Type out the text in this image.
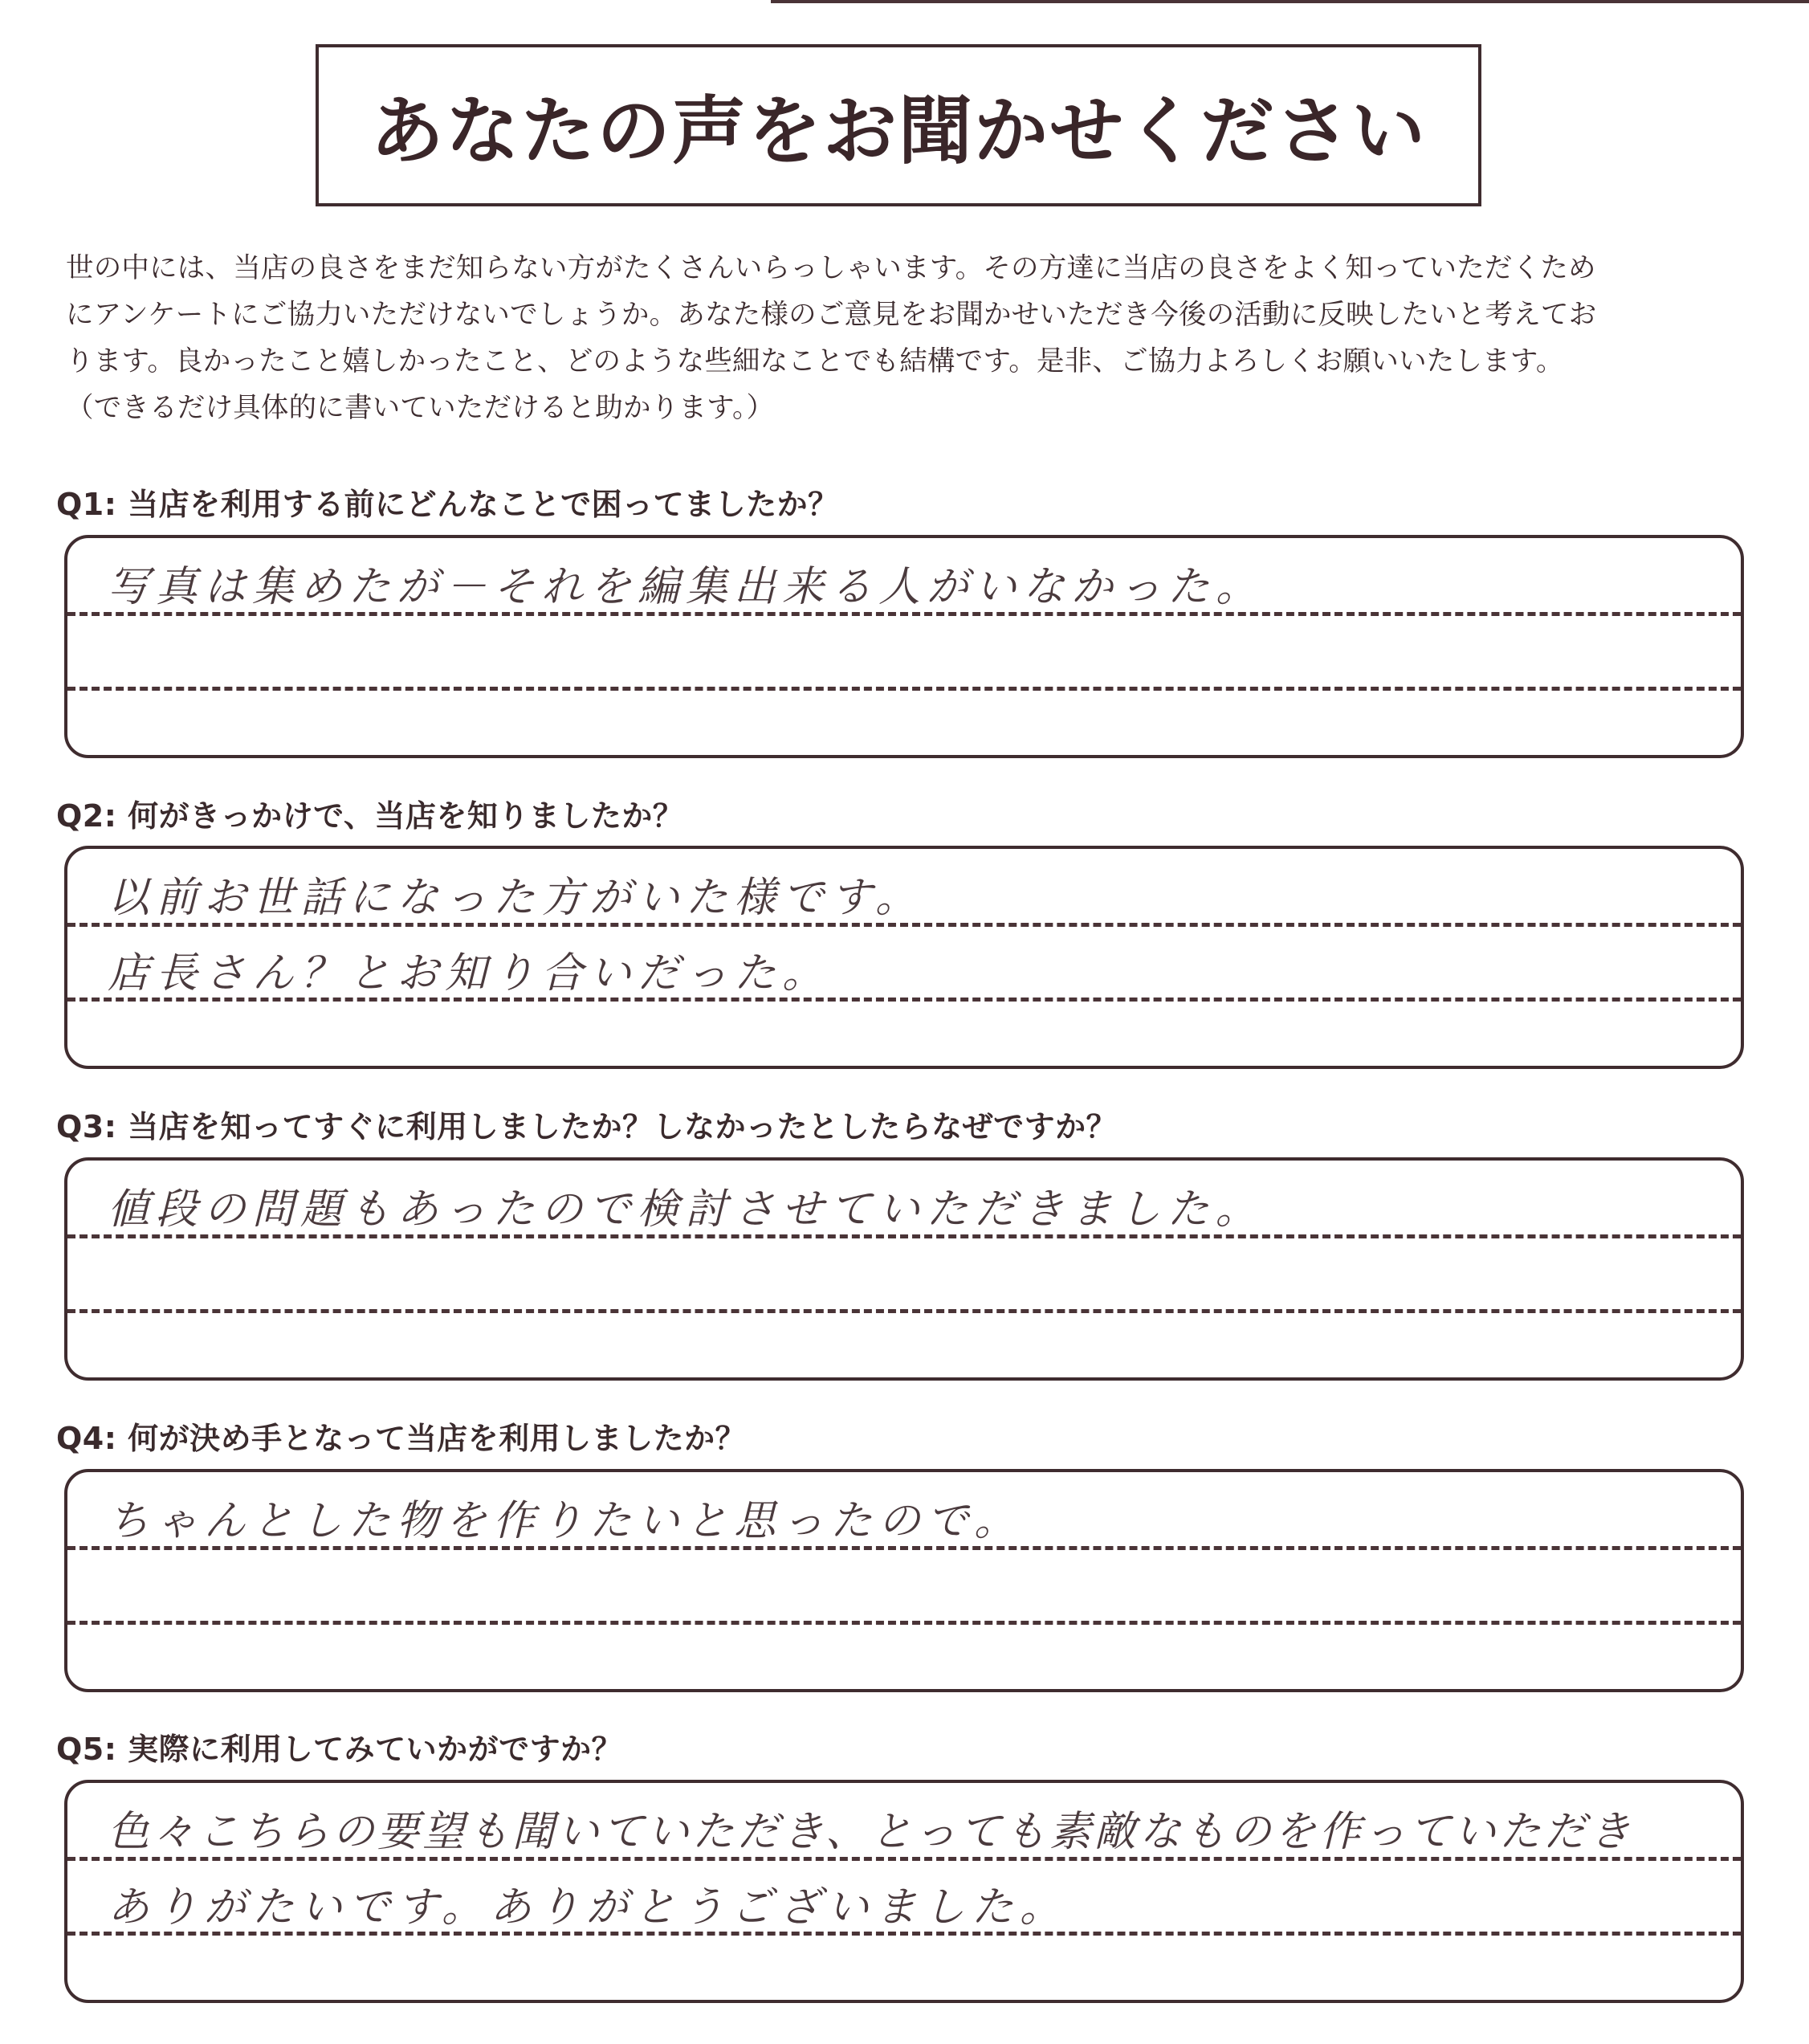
あなたの声をお聞かせください
世の中には、当店の良さをまだ知らない方がたくさんいらっしゃいます。その方達に当店の良さをよく知っていただくため
にアンケートにご協力いただけないでしょうか。あなた様のご意見をお聞かせいただき今後の活動に反映したいと考えてお
ります。良かったこと嬉しかったこと、どのような些細なことでも結構です。是非、ご協力よろしくお願いいたします。
（できるだけ具体的に書いていただけると助かります。）
Q1: 当店を利用する前にどんなことで困ってましたか？
写真は集めたが－それを編集出来る人がいなかった。
Q2: 何がきっかけで、当店を知りましたか？
以前お世話になった方がいた様です。
店長さん？とお知り合いだった。
Q3: 当店を知ってすぐに利用しましたか？しなかったとしたらなぜですか？
値段の問題もあったので検討させていただきました。
Q4: 何が決め手となって当店を利用しましたか？
ちゃんとした物を作りたいと思ったので。
Q5: 実際に利用してみていかがですか？
色々こちらの要望も聞いていただき、とっても素敵なものを作っていただき
ありがたいです。ありがとうございました。
